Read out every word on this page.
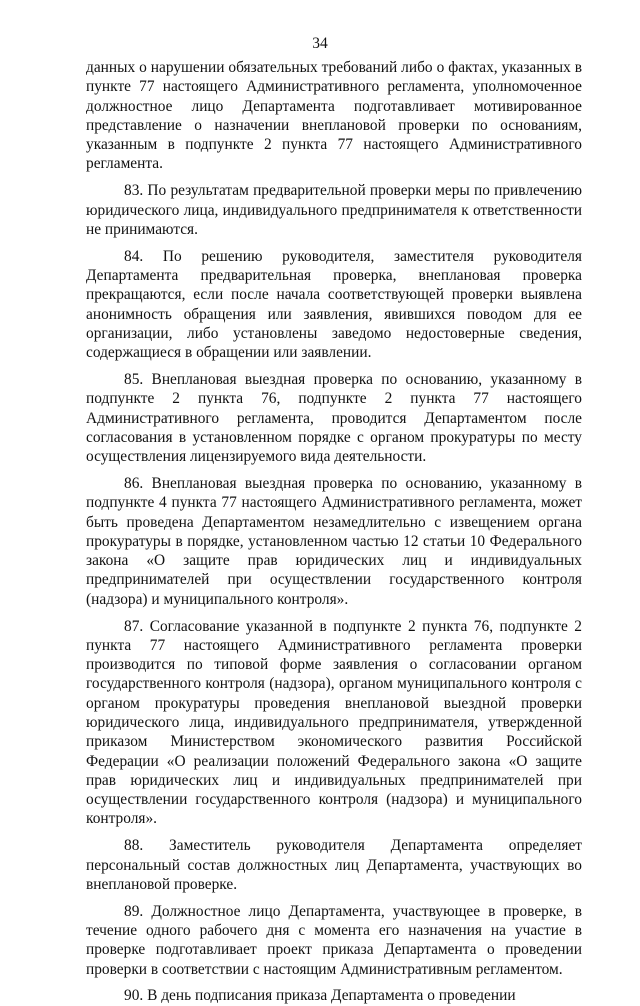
34

данных о нарушении обязательных требований либо о фактах, указанных в пункте 77 настоящего Административного регламента, уполномоченное должностное лицо Департамента подготавливает мотивированное представление о назначении внеплановой проверки по основаниям, указанным в подпункте 2 пункта 77 настоящего Административного регламента.

83. По результатам предварительной проверки меры по привлечению юридического лица, индивидуального предпринимателя к ответственности не принимаются.

84. По решению руководителя, заместителя руководителя Департамента предварительная проверка, внеплановая проверка прекращаются, если после начала соответствующей проверки выявлена анонимность обращения или заявления, явившихся поводом для ее организации, либо установлены заведомо недостоверные сведения, содержащиеся в обращении или заявлении.

85. Внеплановая выездная проверка по основанию, указанному в подпункте 2 пункта 76, подпункте 2 пункта 77 настоящего Административного регламента, проводится Департаментом после согласования в установленном порядке с органом прокуратуры по месту осуществления лицензируемого вида деятельности.

86. Внеплановая выездная проверка по основанию, указанному в подпункте 4 пункта 77 настоящего Административного регламента, может быть проведена Департаментом незамедлительно с извещением органа прокуратуры в порядке, установленном частью 12 статьи 10 Федерального закона «О защите прав юридических лиц и индивидуальных предпринимателей при осуществлении государственного контроля (надзора) и муниципального контроля».

87. Согласование указанной в подпункте 2 пункта 76, подпункте 2 пункта 77 настоящего Административного регламента проверки производится по типовой форме заявления о согласовании органом государственного контроля (надзора), органом муниципального контроля с органом прокуратуры проведения внеплановой выездной проверки юридического лица, индивидуального предпринимателя, утвержденной приказом Министерством экономического развития Российской Федерации «О реализации положений Федерального закона «О защите прав юридических лиц и индивидуальных предпринимателей при осуществлении государственного контроля (надзора) и муниципального контроля».

88. Заместитель руководителя Департамента определяет персональный состав должностных лиц Департамента, участвующих во внеплановой проверке.

89. Должностное лицо Департамента, участвующее в проверке, в течение одного рабочего дня с момента его назначения на участие в проверке подготавливает проект приказа Департамента о проведении проверки в соответствии с настоящим Административным регламентом.

90. В день подписания приказа Департамента о проведении
